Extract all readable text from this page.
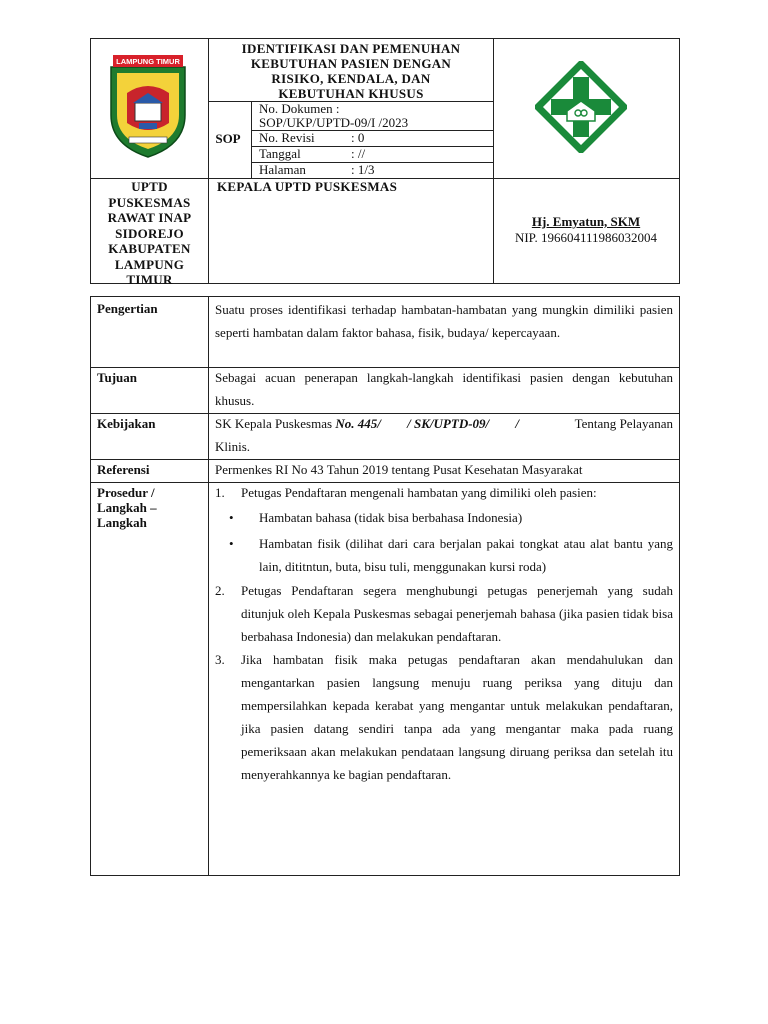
LAMPUNG TIMUR
IDENTIFIKASI DAN PEMENUHAN
KEBUTUHAN PASIEN DENGAN
RISIKO, KENDALA, DAN
KEBUTUHAN KHUSUS
SOP
No. Dokumen :
SOP/UKP/UPTD-09/I /2023
No. Revisi	: 0
Tanggal	: //
Halaman	: 1/3
UPTD
PUSKESMAS
RAWAT INAP
SIDOREJO
KABUPATEN
LAMPUNG
TIMUR
KEPALA UPTD PUSKESMAS
Hj. Emyatun, SKM
NIP. 196604111986032004
Pengertian	Suatu proses identifikasi terhadap hambatan-hambatan yang mungkin dimiliki pasien seperti hambatan dalam faktor bahasa, fisik, budaya/ kepercayaan.

Tujuan	Sebagai acuan penerapan langkah-langkah identifikasi pasien dengan kebutuhan khusus.

Kebijakan	SK Kepala Puskesmas No. 445/        / SK/UPTD-09/        /                 Tentang Pelayanan Klinis.

Referensi	Permenkes RI No 43 Tahun 2019 tentang Pusat Kesehatan Masyarakat

Prosedur /
Langkah –
Langkah
1.	Petugas Pendaftaran mengenali hambatan yang dimiliki oleh pasien:
•	Hambatan bahasa (tidak bisa berbahasa Indonesia)
•	Hambatan fisik (dilihat dari cara berjalan pakai tongkat atau alat bantu yang lain, dititntun, buta, bisu tuli, menggunakan kursi roda)
2.	Petugas Pendaftaran segera menghubungi petugas penerjemah yang sudah ditunjuk oleh Kepala Puskesmas sebagai penerjemah bahasa (jika pasien tidak bisa berbahasa Indonesia) dan melakukan pendaftaran.
3.	Jika hambatan fisik maka petugas pendaftaran akan mendahulukan dan mengantarkan pasien langsung menuju ruang periksa yang dituju dan mempersilahkan kepada kerabat yang mengantar untuk melakukan pendaftaran, jika pasien datang sendiri tanpa ada yang mengantar maka pada ruang pemeriksaan akan melakukan pendataan langsung diruang periksa dan setelah itu menyerahkannya ke bagian pendaftaran.
